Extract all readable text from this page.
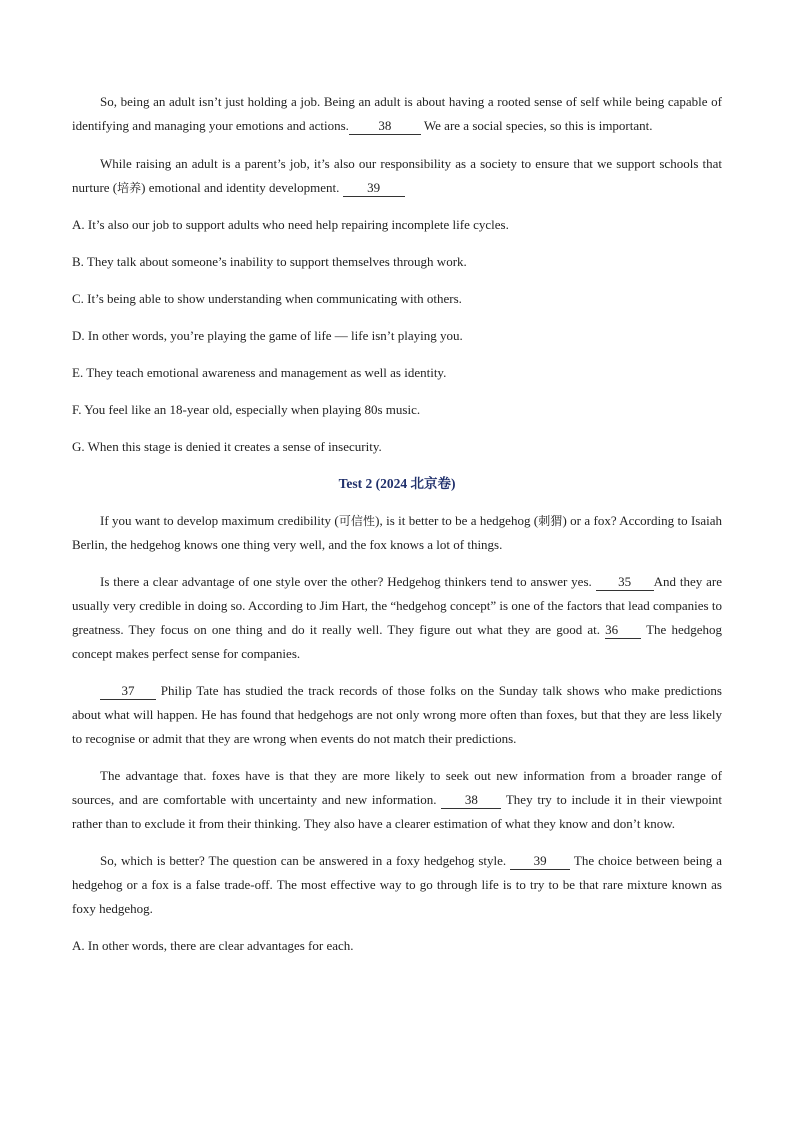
So, being an adult isn’t just holding a job. Being an adult is about having a rooted sense of self while being capable of identifying and managing your emotions and actions. 38 We are a social species, so this is important.

While raising an adult is a parent’s job, it’s also our responsibility as a society to ensure that we support schools that nurture (培养) emotional and identity development. 39

A. It’s also our job to support adults who need help repairing incomplete life cycles.

B. They talk about someone’s inability to support themselves through work.

C. It’s being able to show understanding when communicating with others.

D. In other words, you’re playing the game of life — life isn’t playing you.

E. They teach emotional awareness and management as well as identity.

F. You feel like an 18-year old, especially when playing 80s music.

G. When this stage is denied it creates a sense of insecurity.

Test 2 (2024 北京卷)

If you want to develop maximum credibility (可信性), is it better to be a hedgehog (刺猬) or a fox? According to Isaiah Berlin, the hedgehog knows one thing very well, and the fox knows a lot of things.

Is there a clear advantage of one style over the other? Hedgehog thinkers tend to answer yes. 35 And they are usually very credible in doing so. According to Jim Hart, the “hedgehog concept” is one of the factors that lead companies to greatness. They focus on one thing and do it really well. They figure out what they are good at. 36 The hedgehog concept makes perfect sense for companies.

37 Philip Tate has studied the track records of those folks on the Sunday talk shows who make predictions about what will happen. He has found that hedgehogs are not only wrong more often than foxes, but that they are less likely to recognise or admit that they are wrong when events do not match their predictions.

The advantage that. foxes have is that they are more likely to seek out new information from a broader range of sources, and are comfortable with uncertainty and new information. 38 They try to include it in their viewpoint rather than to exclude it from their thinking. They also have a clearer estimation of what they know and don’t know.

So, which is better? The question can be answered in a foxy hedgehog style. 39 The choice between being a hedgehog or a fox is a false trade-off. The most effective way to go through life is to try to be that rare mixture known as foxy hedgehog.

A. In other words, there are clear advantages for each.
